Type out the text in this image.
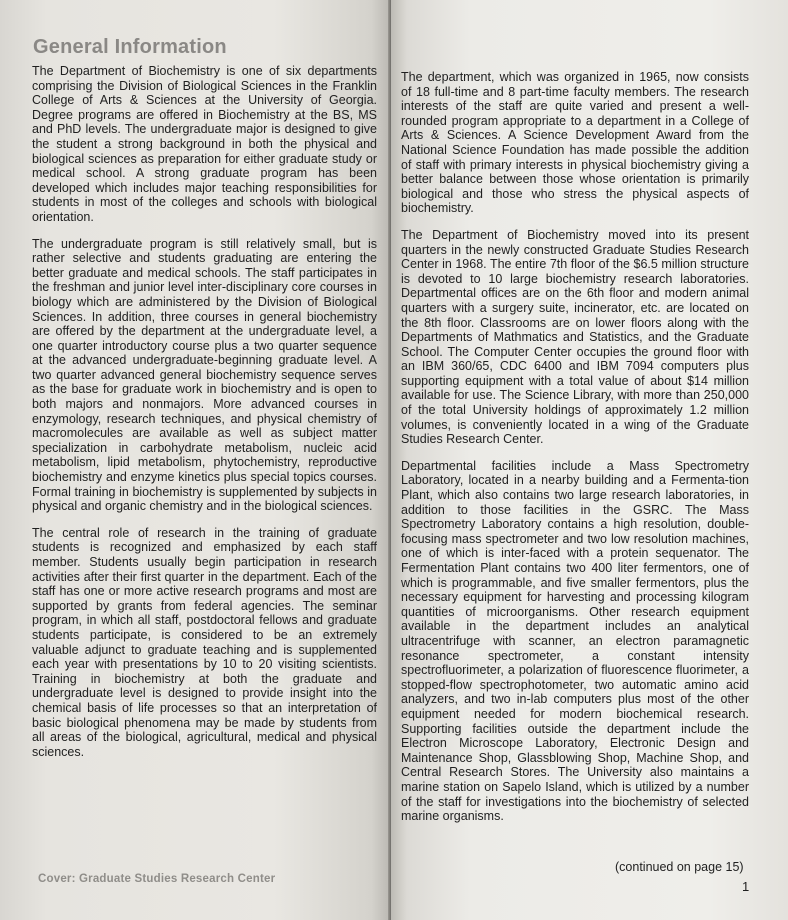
General Information

The Department of Biochemistry is one of six departments comprising the Division of Biological Sciences in the Franklin College of Arts & Sciences at the University of Georgia. Degree programs are offered in Biochemistry at the BS, MS and PhD levels. The undergraduate major is designed to give the student a strong background in both the physical and biological sciences as preparation for either graduate study or medical school. A strong graduate program has been developed which includes major teaching responsibilities for students in most of the colleges and schools with biological orientation.

The undergraduate program is still relatively small, but is rather selective and students graduating are entering the better graduate and medical schools. The staff participates in the freshman and junior level inter-disciplinary core courses in biology which are administered by the Division of Biological Sciences. In addition, three courses in general biochemistry are offered by the department at the undergraduate level, a one quarter introductory course plus a two quarter sequence at the advanced undergraduate-beginning graduate level. A two quarter advanced general biochemistry sequence serves as the base for graduate work in biochemistry and is open to both majors and nonmajors. More advanced courses in enzymology, research techniques, and physical chemistry of macromolecules are available as well as subject matter specialization in carbohydrate metabolism, nucleic acid metabolism, lipid metabolism, phytochemistry, reproductive biochemistry and enzyme kinetics plus special topics courses. Formal training in biochemistry is supplemented by subjects in physical and organic chemistry and in the biological sciences.

The central role of research in the training of graduate students is recognized and emphasized by each staff member. Students usually begin participation in research activities after their first quarter in the department. Each of the staff has one or more active research programs and most are supported by grants from federal agencies. The seminar program, in which all staff, postdoctoral fellows and graduate students participate, is considered to be an extremely valuable adjunct to graduate teaching and is supplemented each year with presentations by 10 to 20 visiting scientists. Training in biochemistry at both the graduate and undergraduate level is designed to provide insight into the chemical basis of life processes so that an interpretation of basic biological phenomena may be made by students from all areas of the biological, agricultural, medical and physical sciences.

Cover: Graduate Studies Research Center

The department, which was organized in 1965, now consists of 18 full-time and 8 part-time faculty members. The research interests of the staff are quite varied and present a well-rounded program appropriate to a department in a College of Arts & Sciences. A Science Development Award from the National Science Foundation has made possible the addition of staff with primary interests in physical biochemistry giving a better balance between those whose orientation is primarily biological and those who stress the physical aspects of biochemistry.

The Department of Biochemistry moved into its present quarters in the newly constructed Graduate Studies Research Center in 1968. The entire 7th floor of the $6.5 million structure is devoted to 10 large biochemistry research laboratories. Departmental offices are on the 6th floor and modern animal quarters with a surgery suite, incinerator, etc. are located on the 8th floor. Classrooms are on lower floors along with the Departments of Mathmatics and Statistics, and the Graduate School. The Computer Center occupies the ground floor with an IBM 360/65, CDC 6400 and IBM 7094 computers plus supporting equipment with a total value of about $14 million available for use. The Science Library, with more than 250,000 of the total University holdings of approximately 1.2 million volumes, is conveniently located in a wing of the Graduate Studies Research Center.

Departmental facilities include a Mass Spectrometry Laboratory, located in a nearby building and a Fermenta-tion Plant, which also contains two large research laboratories, in addition to those facilities in the GSRC. The Mass Spectrometry Laboratory contains a high resolution, double-focusing mass spectrometer and two low resolution machines, one of which is inter-faced with a protein sequenator. The Fermentation Plant contains two 400 liter fermentors, one of which is programmable, and five smaller fermentors, plus the necessary equipment for harvesting and processing kilogram quantities of microorganisms. Other research equipment available in the department includes an analytical ultracentrifuge with scanner, an electron paramagnetic resonance spectrometer, a constant intensity spectrofluorimeter, a polarization of fluorescence fluorimeter, a stopped-flow spectrophotometer, two automatic amino acid analyzers, and two in-lab computers plus most of the other equipment needed for modern biochemical research. Supporting facilities outside the department include the Electron Microscope Laboratory, Electronic Design and Maintenance Shop, Glassblowing Shop, Machine Shop, and Central Research Stores. The University also maintains a marine station on Sapelo Island, which is utilized by a number of the staff for investigations into the biochemistry of selected marine organisms.

(continued on page 15)

1
